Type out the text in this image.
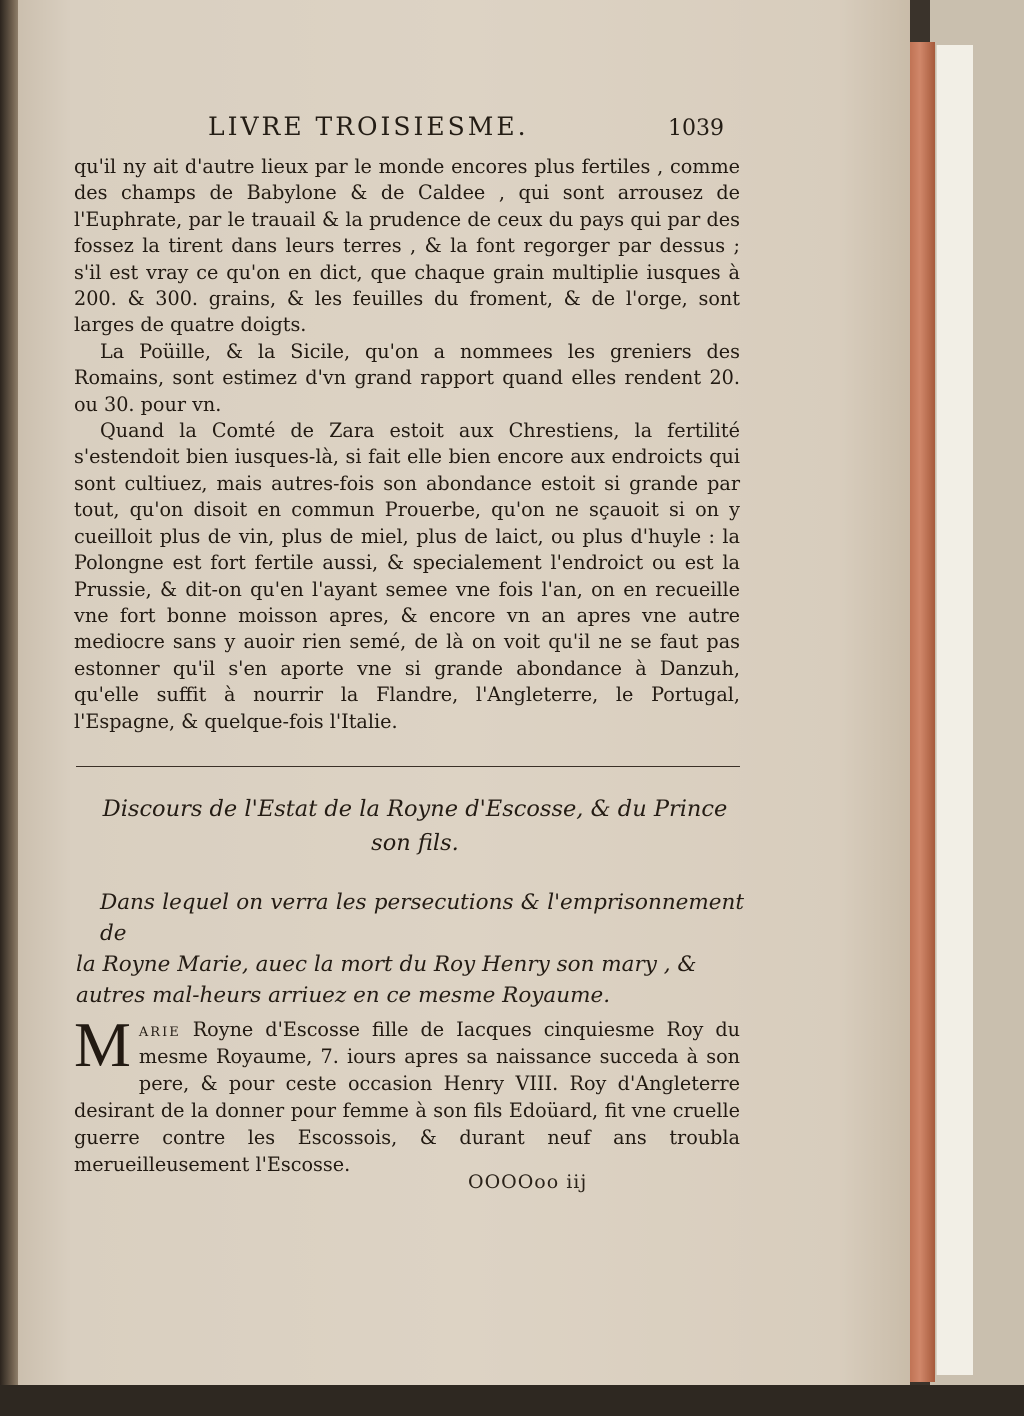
LIVRE TROISIESME.	1039

qu'il ny ait d'autre lieux par le monde encores plus fertiles , comme des champs de Babylone & de Caldee , qui sont arrousez de l'Euphrate, par le trauail & la prudence de ceux du pays qui par des fossez la tirent dans leurs terres , & la font regorger par dessus ; s'il est vray ce qu'on en dict, que chaque grain multiplie iusques à 200. & 300. grains, & les feuilles du froment, & de l'orge, sont larges de quatre doigts.

La Poüille, & la Sicile, qu'on a nommees les greniers des Romains, sont estimez d'vn grand rapport quand elles rendent 20. ou 30. pour vn.

Quand la Comté de Zara estoit aux Chrestiens, la fertilité s'estendoit bien iusques-là, si fait elle bien encore aux endroicts qui sont cultiuez, mais autres-fois son abondance estoit si grande par tout, qu'on disoit en commun Prouerbe, qu'on ne sçauoit si on y cueilloit plus de vin, plus de miel, plus de laict, ou plus d'huyle : la Polongne est fort fertile aussi, & specialement l'endroict ou est la Prussie, & dit-on qu'en l'ayant semee vne fois l'an, on en recueille vne fort bonne moisson apres, & encore vn an apres vne autre mediocre sans y auoir rien semé, de là on voit qu'il ne se faut pas estonner qu'il s'en aporte vne si grande abondance à Danzuh, qu'elle suffit à nourrir la Flandre, l'Angleterre, le Portugal, l'Espagne, & quelque-fois l'Italie.

Discours de l'Estat de la Royne d'Escosse, & du Prince
son fils.
Dans lequel on verra les persecutions & l'emprisonnement de
la Royne Marie, auec la mort du Roy Henry son mary , &
autres mal-heurs arriuez en ce mesme Royaume.
Marie Royne d'Escosse fille de Iacques cinquiesme Roy du mesme Royaume, 7. iours apres sa naissance succeda à son pere, & pour ceste occasion Henry VIII. Roy d'Angleterre desirant de la donner pour femme à son fils Edoüard, fit vne cruelle guerre contre les Escossois, & durant neuf ans troubla merueilleusement l'Escosse.
OOOOoo iij
